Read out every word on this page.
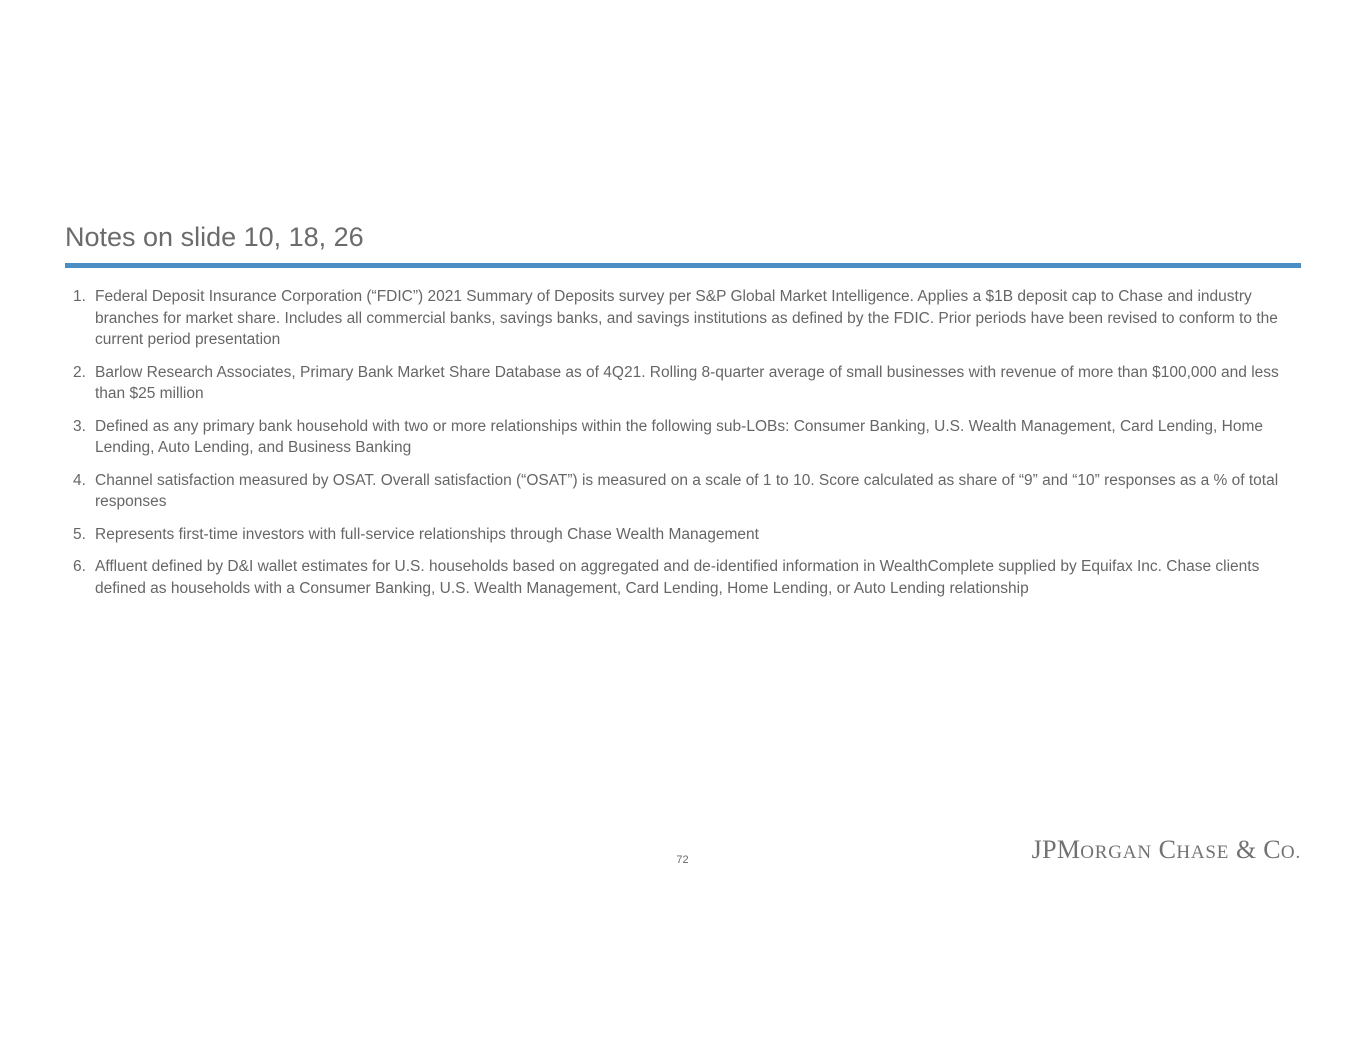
Notes on slide 10, 18, 26
1. Federal Deposit Insurance Corporation (“FDIC”) 2021 Summary of Deposits survey per S&P Global Market Intelligence. Applies a $1B deposit cap to Chase and industry branches for market share. Includes all commercial banks, savings banks, and savings institutions as defined by the FDIC. Prior periods have been revised to conform to the current period presentation
2. Barlow Research Associates, Primary Bank Market Share Database as of 4Q21. Rolling 8-quarter average of small businesses with revenue of more than $100,000 and less than $25 million
3. Defined as any primary bank household with two or more relationships within the following sub-LOBs: Consumer Banking, U.S. Wealth Management, Card Lending, Home Lending, Auto Lending, and Business Banking
4. Channel satisfaction measured by OSAT. Overall satisfaction (“OSAT”) is measured on a scale of 1 to 10. Score calculated as share of “9” and “10” responses as a % of total responses
5. Represents first-time investors with full-service relationships through Chase Wealth Management
6. Affluent defined by D&I wallet estimates for U.S. households based on aggregated and de-identified information in WealthComplete supplied by Equifax Inc. Chase clients defined as households with a Consumer Banking, U.S. Wealth Management, Card Lending, Home Lending, or Auto Lending relationship
72	JPMORGAN CHASE & CO.
